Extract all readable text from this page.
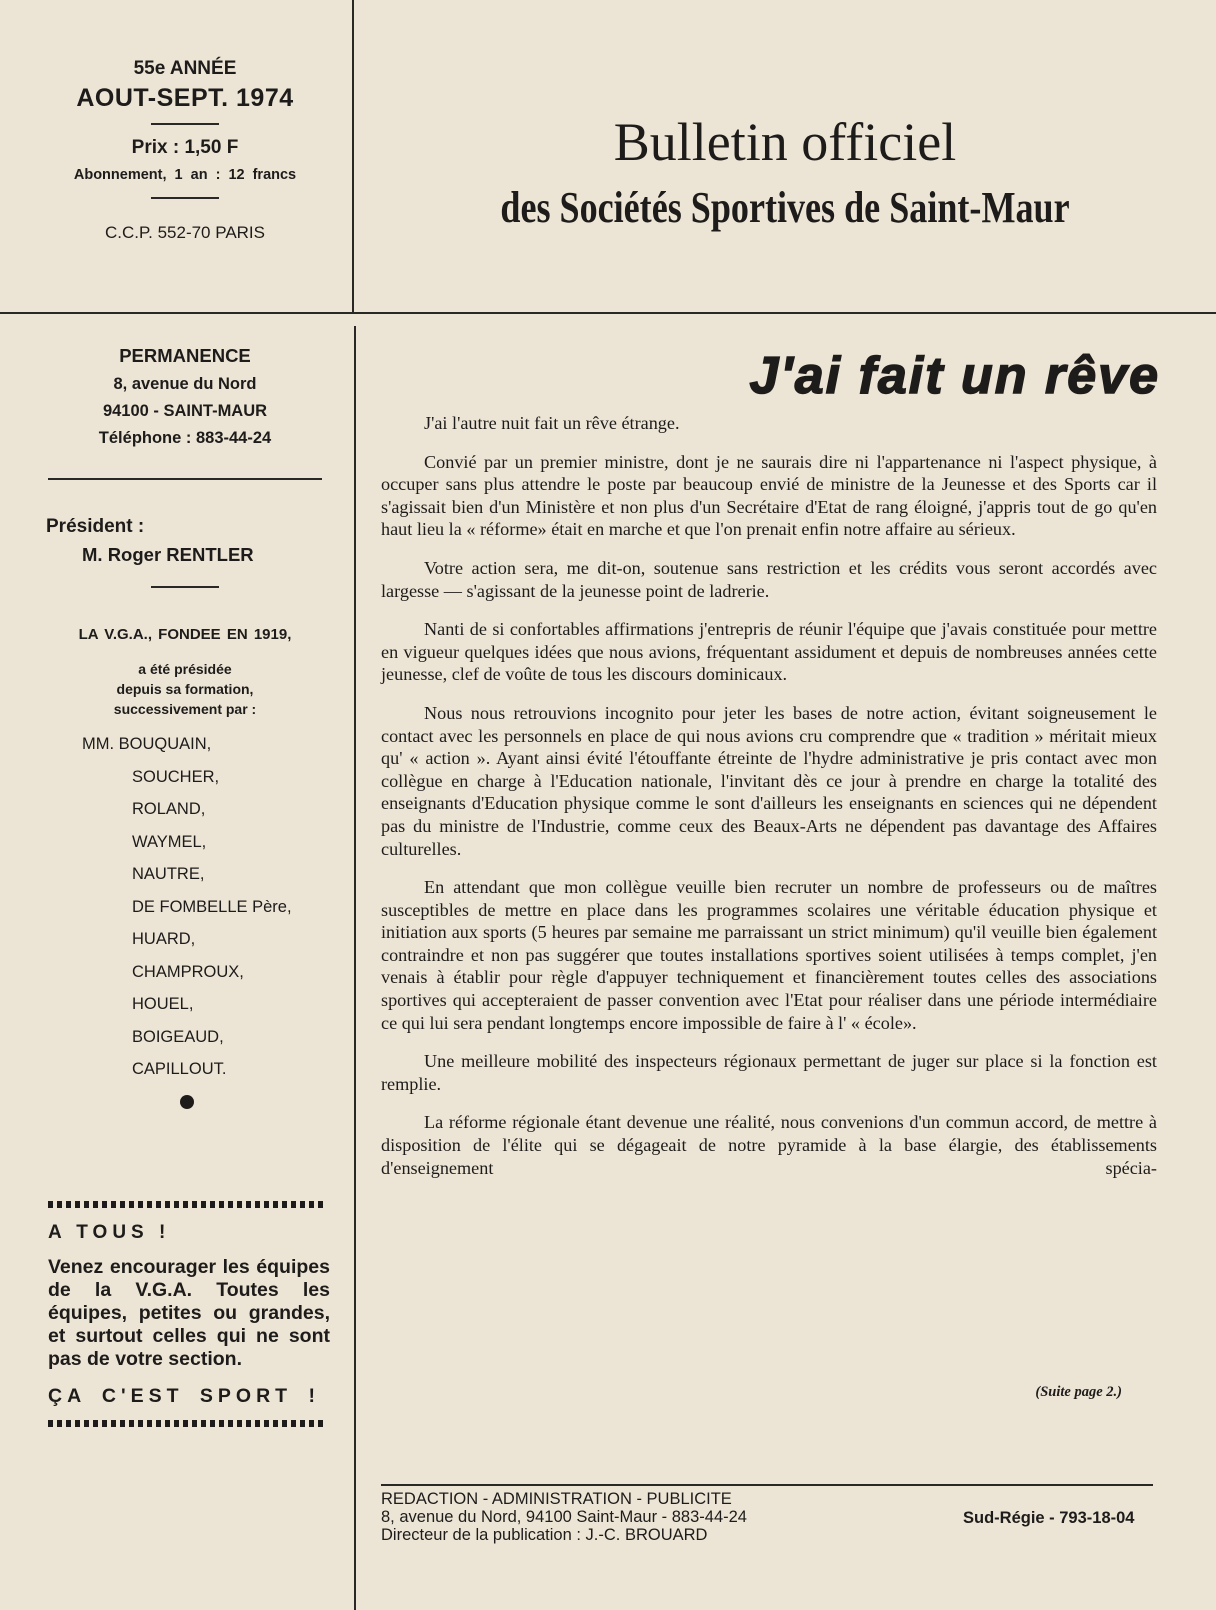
55e ANNÉE
AOUT-SEPT. 1974
Prix : 1,50 F
Abonnement, 1 an : 12 francs
C.C.P. 552-70 PARIS
Bulletin officiel
des Sociétés Sportives de Saint-Maur
PERMANENCE
8, avenue du Nord
94100 - SAINT-MAUR
Téléphone : 883-44-24
Président :
M. Roger RENTLER
LA V.G.A., FONDEE EN 1919,
a été présidée
depuis sa formation,
successivement par :
MM. BOUQUAIN,
SOUCHER,
ROLAND,
WAYMEL,
NAUTRE,
DE FOMBELLE Père,
HUARD,
CHAMPROUX,
HOUEL,
BOIGEAUD,
CAPILLOUT.
A TOUS !
Venez encourager les équipes de la V.G.A. Toutes les équipes, petites ou grandes, et surtout celles qui ne sont pas de votre section.
ÇA C'EST SPORT !
J'ai fait un rêve

J'ai l'autre nuit fait un rêve étrange.

Convié par un premier ministre, dont je ne saurais dire ni l'appartenance ni l'aspect physique, à occuper sans plus attendre le poste par beaucoup envié de ministre de la Jeunesse et des Sports car il s'agissait bien d'un Ministère et non plus d'un Secrétaire d'Etat de rang éloigné, j'appris tout de go qu'en haut lieu la « réforme» était en marche et que l'on prenait enfin notre affaire au sérieux.

Votre action sera, me dit-on, soutenue sans restriction et les crédits vous seront accordés avec largesse — s'agissant de la jeunesse point de ladrerie.

Nanti de si confortables affirmations j'entrepris de réunir l'équipe que j'avais constituée pour mettre en vigueur quelques idées que nous avions, fréquentant assidument et depuis de nombreuses années cette jeunesse, clef de voûte de tous les discours dominicaux.

Nous nous retrouvions incognito pour jeter les bases de notre action, évitant soigneusement le contact avec les personnels en place de qui nous avions cru comprendre que « tradition » méritait mieux qu' « action ». Ayant ainsi évité l'étouffante étreinte de l'hydre administrative je pris contact avec mon collègue en charge à l'Education nationale, l'invitant dès ce jour à prendre en charge la totalité des enseignants d'Education physique comme le sont d'ailleurs les enseignants en sciences qui ne dépendent pas du ministre de l'Industrie, comme ceux des Beaux-Arts ne dépendent pas davantage des Affaires culturelles.

En attendant que mon collègue veuille bien recruter un nombre de professeurs ou de maîtres susceptibles de mettre en place dans les programmes scolaires une véritable éducation physique et initiation aux sports (5 heures par semaine me parraissant un strict minimum) qu'il veuille bien également contraindre et non pas suggérer que toutes installations sportives soient utilisées à temps complet, j'en venais à établir pour règle d'appuyer techniquement et financièrement toutes celles des associations sportives qui accepteraient de passer convention avec l'Etat pour réaliser dans une période intermédiaire ce qui lui sera pendant longtemps encore impossible de faire à l' « école».

Une meilleure mobilité des inspecteurs régionaux permettant de juger sur place si la fonction est remplie.

La réforme régionale étant devenue une réalité, nous convenions d'un commun accord, de mettre à disposition de l'élite qui se dégageait de notre pyramide à la base élargie, des établissements d'enseignement spécia-

(Suite page 2.)
REDACTION - ADMINISTRATION - PUBLICITE
8, avenue du Nord, 94100 Saint-Maur - 883-44-24
Directeur de la publication : J.-C. BROUARD
Sud-Régie - 793-18-04
